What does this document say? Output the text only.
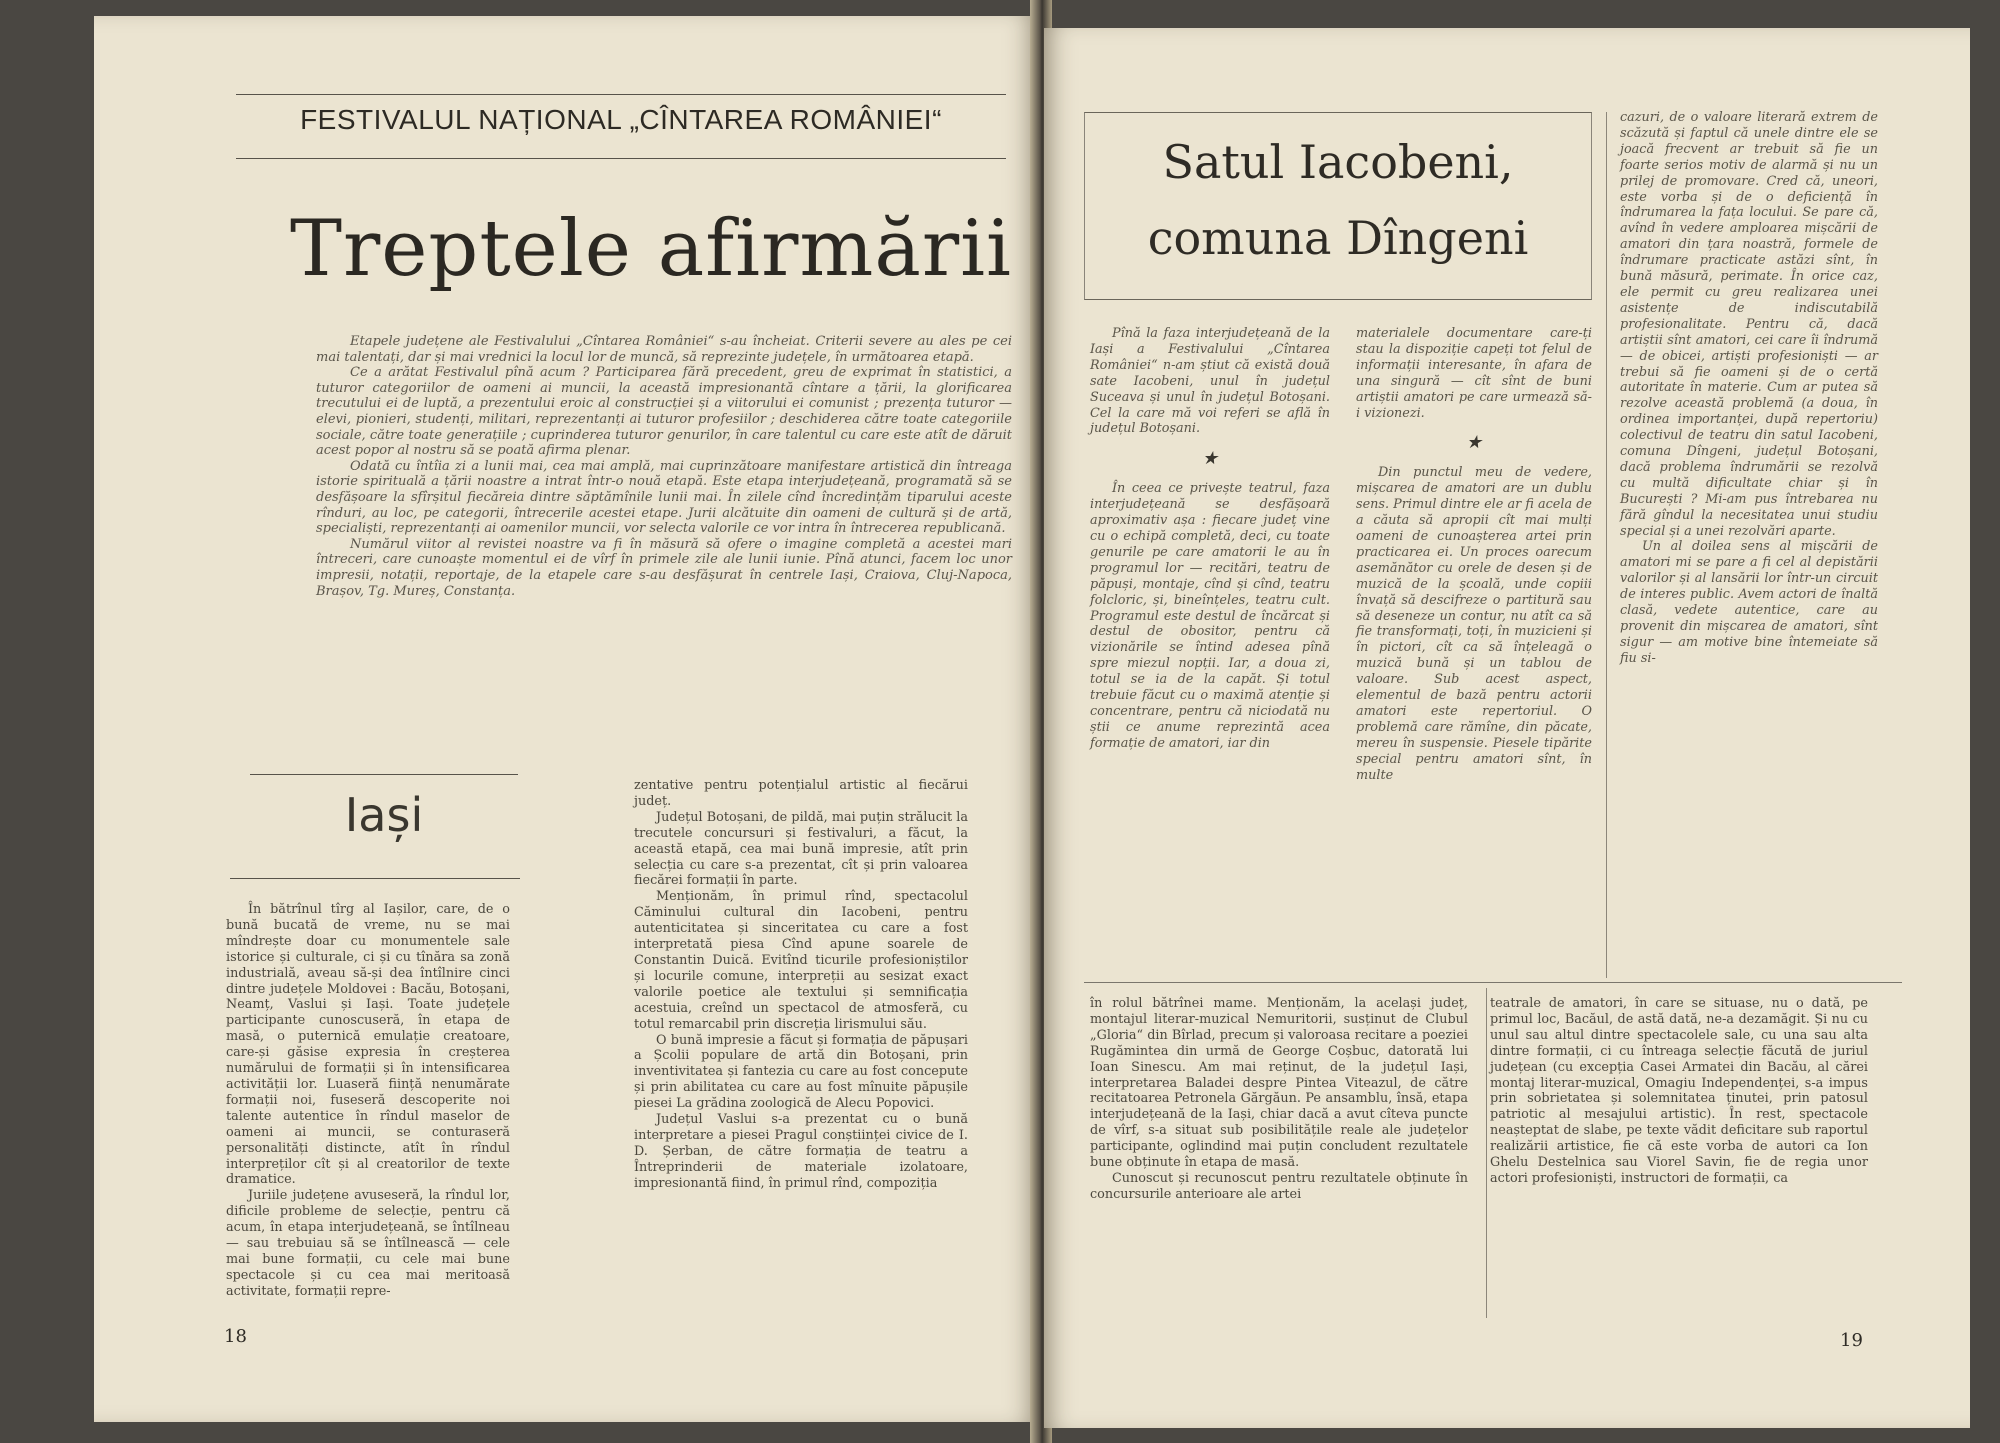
FESTIVALUL NAȚIONAL „CÎNTAREA ROMÂNIEI“
Treptele afirmării

Etapele județene ale Festivalului „Cîntarea României“ s-au încheiat. Criterii severe au ales pe cei mai talentați, dar și mai vrednici la locul lor de muncă, să reprezinte județele, în următoarea etapă.

Ce a arătat Festivalul pînă acum ? Participarea fără precedent, greu de exprimat în statistici, a tuturor categoriilor de oameni ai muncii, la această impresionantă cîntare a țării, la glorificarea trecutului ei de luptă, a prezentului eroic al construcției și a viitorului ei comunist ; prezența tuturor — elevi, pionieri, studenți, militari, reprezentanți ai tuturor profesiilor ; deschiderea către toate categoriile sociale, către toate generațiile ; cuprinderea tuturor genurilor, în care talentul cu care este atît de dăruit acest popor al nostru să se poată afirma plenar.

Odată cu întîia zi a lunii mai, cea mai amplă, mai cuprinzătoare manifestare artistică din întreaga istorie spirituală a țării noastre a intrat într-o nouă etapă. Este etapa interjudețeană, programată să se desfășoare la sfîrșitul fiecăreia dintre săptămînile lunii mai. În zilele cînd încredințăm tiparului aceste rînduri, au loc, pe categorii, întrecerile acestei etape. Jurii alcătuite din oameni de cultură și de artă, specialiști, reprezentanți ai oamenilor muncii, vor selecta valorile ce vor intra în întrecerea republicană.

Numărul viitor al revistei noastre va fi în măsură să ofere o imagine completă a acestei mari întreceri, care cunoaște momentul ei de vîrf în primele zile ale lunii iunie. Pînă atunci, facem loc unor impresii, notații, reportaje, de la etapele care s-au desfășurat în centrele Iași, Craiova, Cluj-Napoca, Brașov, Tg. Mureș, Constanța.

Iași

În bătrînul tîrg al Iașilor, care, de o bună bucată de vreme, nu se mai mîndrește doar cu monumentele sale istorice și culturale, ci și cu tînăra sa zonă industrială, aveau să-și dea întîlnire cinci dintre județele Moldovei : Bacău, Botoșani, Neamț, Vaslui și Iași. Toate județele participante cunoscuseră, în etapa de masă, o puternică emulație creatoare, care-și găsise expresia în creșterea numărului de formații și în intensificarea activității lor. Luaseră ființă nenumărate formații noi, fuseseră descoperite noi talente autentice în rîndul maselor de oameni ai muncii, se conturaseră personalități distincte, atît în rîndul interpreților cît și al creatorilor de texte dramatice.

Juriile județene avuseseră, la rîndul lor, dificile probleme de selecție, pentru că acum, în etapa interjudețeană, se întîlneau — sau trebuiau să se întîlnească — cele mai bune formații, cu cele mai bune spectacole și cu cea mai meritoasă activitate, formații repre-

zentative pentru potențialul artistic al fiecărui județ.

Județul Botoșani, de pildă, mai puțin strălucit la trecutele concursuri și festivaluri, a făcut, la această etapă, cea mai bună impresie, atît prin selecția cu care s-a prezentat, cît și prin valoarea fiecărei formații în parte.

Menționăm, în primul rînd, spectacolul Căminului cultural din Iacobeni, pentru autenticitatea și sinceritatea cu care a fost interpretată piesa Cînd apune soarele de Constantin Duică. Evitînd ticurile profesioniștilor și locurile comune, interpreții au sesizat exact valorile poetice ale textului și semnificația acestuia, creînd un spectacol de atmosferă, cu totul remarcabil prin discreția lirismului său.

O bună impresie a făcut și formația de păpușari a Școlii populare de artă din Botoșani, prin inventivitatea și fantezia cu care au fost concepute și prin abilitatea cu care au fost mînuite păpușile piesei La grădina zoologică de Alecu Popovici.

Județul Vaslui s-a prezentat cu o bună interpretare a piesei Pragul conștiinței civice de I. D. Șerban, de către formația de teatru a Întreprinderii de materiale izolatoare, impresionantă fiind, în primul rînd, compoziția

18
Satul Iacobeni,
comuna Dîngeni

Pînă la faza interjudețeană de la Iași a Festivalului „Cîntarea României“ n-am știut că există două sate Iacobeni, unul în județul Suceava și unul în județul Botoșani. Cel la care mă voi referi se află în județul Botoșani.

★

În ceea ce privește teatrul, faza interjudețeană se desfășoară aproximativ așa : fiecare județ vine cu o echipă completă, deci, cu toate genurile pe care amatorii le au în programul lor — recitări, teatru de păpuși, montaje, cînd și cînd, teatru folcloric, și, bineînțeles, teatru cult. Programul este destul de încărcat și destul de obositor, pentru că vizionările se întind adesea pînă spre miezul nopții. Iar, a doua zi, totul se ia de la capăt. Și totul trebuie făcut cu o maximă atenție și concentrare, pentru că niciodată nu știi ce anume reprezintă acea formație de amatori, iar din

materialele documentare care-ți stau la dispoziție capeți tot felul de informații interesante, în afara de una singură — cît sînt de buni artiștii amatori pe care urmează să-i vizionezi.

★

Din punctul meu de vedere, mișcarea de amatori are un dublu sens. Primul dintre ele ar fi acela de a căuta să apropii cît mai mulți oameni de cunoașterea artei prin practicarea ei. Un proces oarecum asemănător cu orele de desen și de muzică de la școală, unde copiii învață să descifreze o partitură sau să deseneze un contur, nu atît ca să fie transformați, toți, în muzicieni și în pictori, cît ca să înțeleagă o muzică bună și un tablou de valoare. Sub acest aspect, elementul de bază pentru actorii amatori este repertoriul. O problemă care rămîne, din păcate, mereu în suspensie. Piesele tipărite special pentru amatori sînt, în multe

cazuri, de o valoare literară extrem de scăzută și faptul că unele dintre ele se joacă frecvent ar trebuit să fie un foarte serios motiv de alarmă și nu un prilej de promovare. Cred că, uneori, este vorba și de o deficiență în îndrumarea la fața locului. Se pare că, avînd în vedere amploarea mișcării de amatori din țara noastră, formele de îndrumare practicate astăzi sînt, în bună măsură, perimate. În orice caz, ele permit cu greu realizarea unei asistențe de indiscutabilă profesionalitate. Pentru că, dacă artiștii sînt amatori, cei care îi îndrumă — de obicei, artiști profesioniști — ar trebui să fie oameni și de o certă autoritate în materie. Cum ar putea să rezolve această problemă (a doua, în ordinea importanței, după repertoriu) colectivul de teatru din satul Iacobeni, comuna Dîngeni, județul Botoșani, dacă problema îndrumării se rezolvă cu multă dificultate chiar și în București ? Mi-am pus întrebarea nu fără gîndul la necesitatea unui studiu special și a unei rezolvări aparte.

Un al doilea sens al mișcării de amatori mi se pare a fi cel al depistării valorilor și al lansării lor într-un circuit de interes public. Avem actori de înaltă clasă, vedete autentice, care au provenit din mișcarea de amatori, sînt sigur — am motive bine întemeiate să fiu si-

în rolul bătrînei mame. Menționăm, la același județ, montajul literar-muzical Nemuritorii, susținut de Clubul „Gloria“ din Bîrlad, precum și valoroasa recitare a poeziei Rugămintea din urmă de George Coșbuc, datorată lui Ioan Sinescu. Am mai reținut, de la județul Iași, interpretarea Baladei despre Pintea Viteazul, de către recitatoarea Petronela Gărgăun. Pe ansamblu, însă, etapa interjudețeană de la Iași, chiar dacă a avut cîteva puncte de vîrf, s-a situat sub posibilitățile reale ale județelor participante, oglindind mai puțin concludent rezultatele bune obținute în etapa de masă.

Cunoscut și recunoscut pentru rezultatele obținute în concursurile anterioare ale artei

teatrale de amatori, în care se situase, nu o dată, pe primul loc, Bacăul, de astă dată, ne-a dezamăgit. Și nu cu unul sau altul dintre spectacolele sale, cu una sau alta dintre formații, ci cu întreaga selecție făcută de juriul județean (cu excepția Casei Armatei din Bacău, al cărei montaj literar-muzical, Omagiu Independenței, s-a impus prin sobrietatea și solemnitatea ținutei, prin patosul patriotic al mesajului artistic). În rest, spectacole neașteptat de slabe, pe texte vădit deficitare sub raportul realizării artistice, fie că este vorba de autori ca Ion Ghelu Destelnica sau Viorel Savin, fie de regia unor actori profesioniști, instructori de formații, ca

19
